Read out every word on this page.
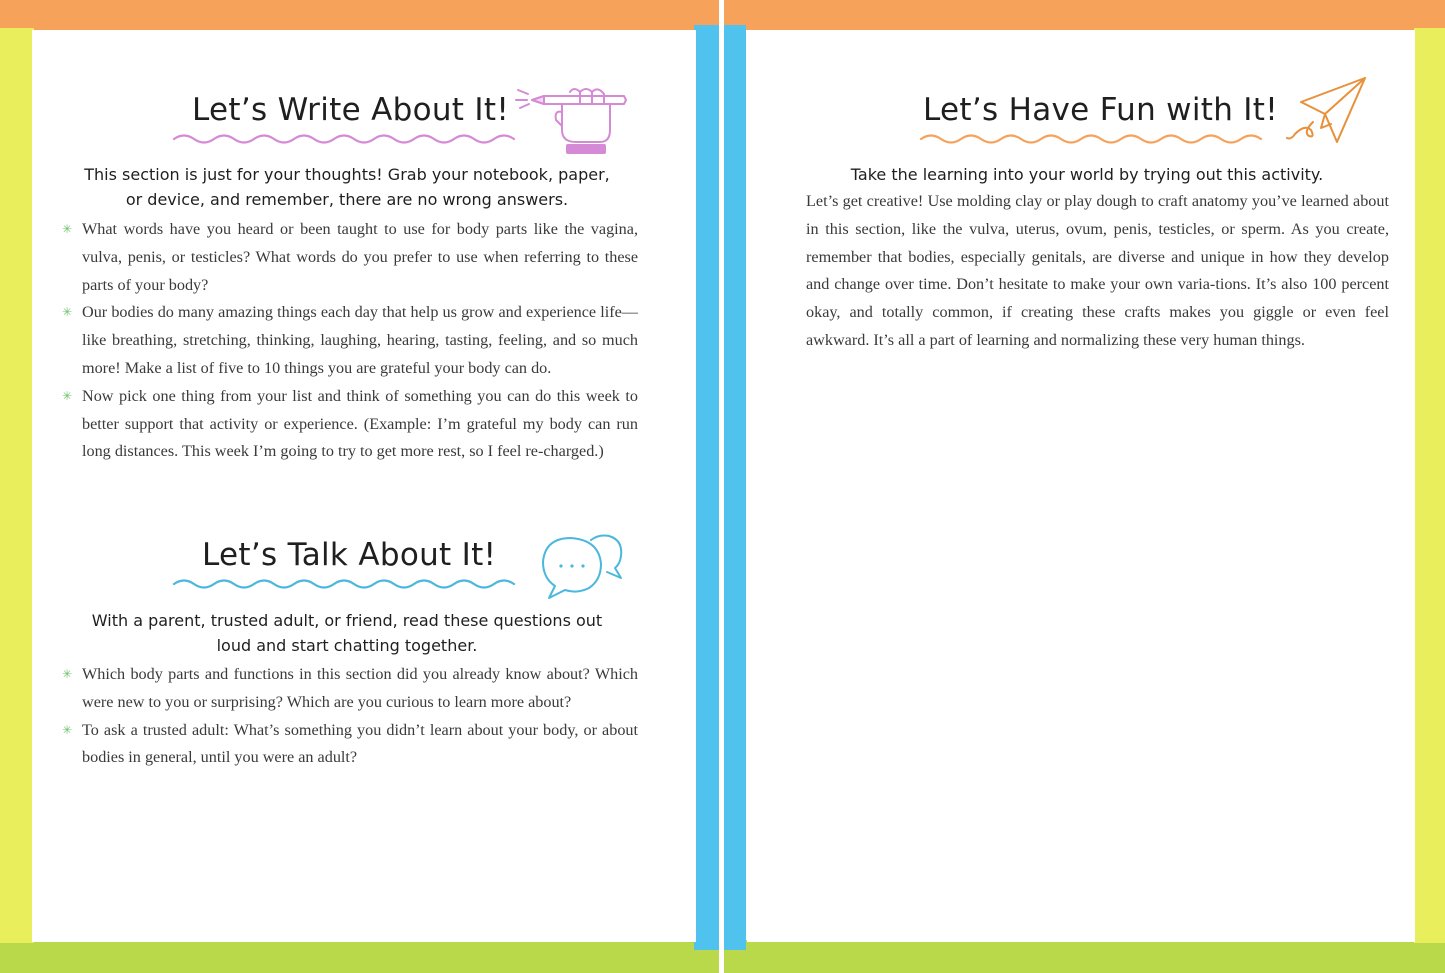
Let’s Write About It!
This section is just for your thoughts! Grab your notebook, paper, or device, and remember, there are no wrong answers.
✳ What words have you heard or been taught to use for body parts like the vagina, vulva, penis, or testicles? What words do you prefer to use when referring to these parts of your body?
✳ Our bodies do many amazing things each day that help us grow and experience life—like breathing, stretching, thinking, laughing, hearing, tasting, feeling, and so much more! Make a list of five to 10 things you are grateful your body can do.
✳ Now pick one thing from your list and think of something you can do this week to better support that activity or experience. (Example: I’m grateful my body can run long distances. This week I’m going to try to get more rest, so I feel re-charged.)
Let’s Talk About It!
With a parent, trusted adult, or friend, read these questions out loud and start chatting together.
✳ Which body parts and functions in this section did you already know about? Which were new to you or surprising? Which are you curious to learn more about?
✳ To ask a trusted adult: What’s something you didn’t learn about your body, or about bodies in general, until you were an adult?
Let’s Have Fun with It!
Take the learning into your world by trying out this activity.
Let’s get creative! Use molding clay or play dough to craft anatomy you’ve learned about in this section, like the vulva, uterus, ovum, penis, testicles, or sperm. As you create, remember that bodies, especially genitals, are diverse and unique in how they develop and change over time. Don’t hesitate to make your own varia-tions. It’s also 100 percent okay, and totally common, if creating these crafts makes you giggle or even feel awkward. It’s all a part of learning and normalizing these very human things.
